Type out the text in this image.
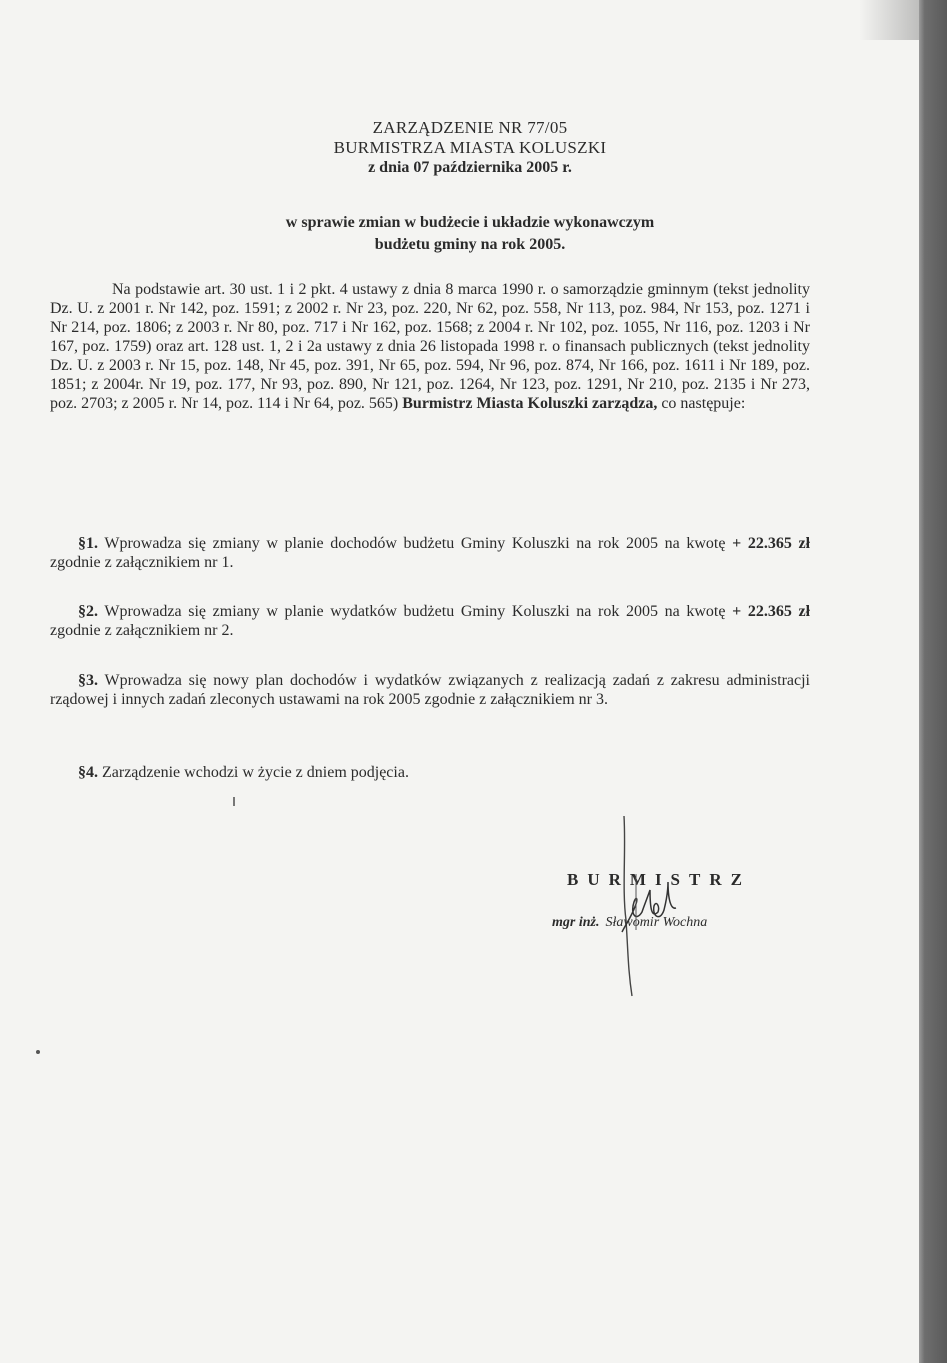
ZARZĄDZENIE NR 77/05
BURMISTRZA MIASTA KOLUSZKI
z dnia 07 października 2005 r.
w sprawie zmian w budżecie i układzie wykonawczym
budżetu gminy na rok 2005.
Na podstawie art. 30 ust. 1 i 2 pkt. 4 ustawy z dnia 8 marca 1990 r. o samorządzie gminnym (tekst jednolity Dz. U. z 2001 r. Nr 142, poz. 1591; z 2002 r. Nr 23, poz. 220, Nr 62, poz. 558, Nr 113, poz. 984, Nr 153, poz. 1271 i Nr 214, poz. 1806; z 2003 r. Nr 80, poz. 717 i Nr 162, poz. 1568; z 2004 r. Nr 102, poz. 1055, Nr 116, poz. 1203 i Nr 167, poz. 1759) oraz art. 128 ust. 1, 2 i 2a ustawy z dnia 26 listopada 1998 r. o finansach publicznych (tekst jednolity Dz. U. z 2003 r. Nr 15, poz. 148, Nr 45, poz. 391, Nr 65, poz. 594, Nr 96, poz. 874, Nr 166, poz. 1611 i Nr 189, poz. 1851; z 2004r. Nr 19, poz. 177, Nr 93, poz. 890, Nr 121, poz. 1264, Nr 123, poz. 1291, Nr 210, poz. 2135 i Nr 273, poz. 2703; z 2005 r. Nr 14, poz. 114 i Nr 64, poz. 565) Burmistrz Miasta Koluszki zarządza, co następuje:
§1. Wprowadza się zmiany w planie dochodów budżetu Gminy Koluszki na rok 2005 na kwotę + 22.365 zł zgodnie z załącznikiem nr 1.
§2. Wprowadza się zmiany w planie wydatków budżetu Gminy Koluszki na rok 2005 na kwotę + 22.365 zł zgodnie z załącznikiem nr 2.
§3. Wprowadza się nowy plan dochodów i wydatków związanych z realizacją zadań z zakresu administracji rządowej i innych zadań zleconych ustawami na rok 2005 zgodnie z załącznikiem nr 3.
§4. Zarządzenie wchodzi w życie z dniem podjęcia.
BURMISTRZ
mgr inż. Sławomir Wochna
